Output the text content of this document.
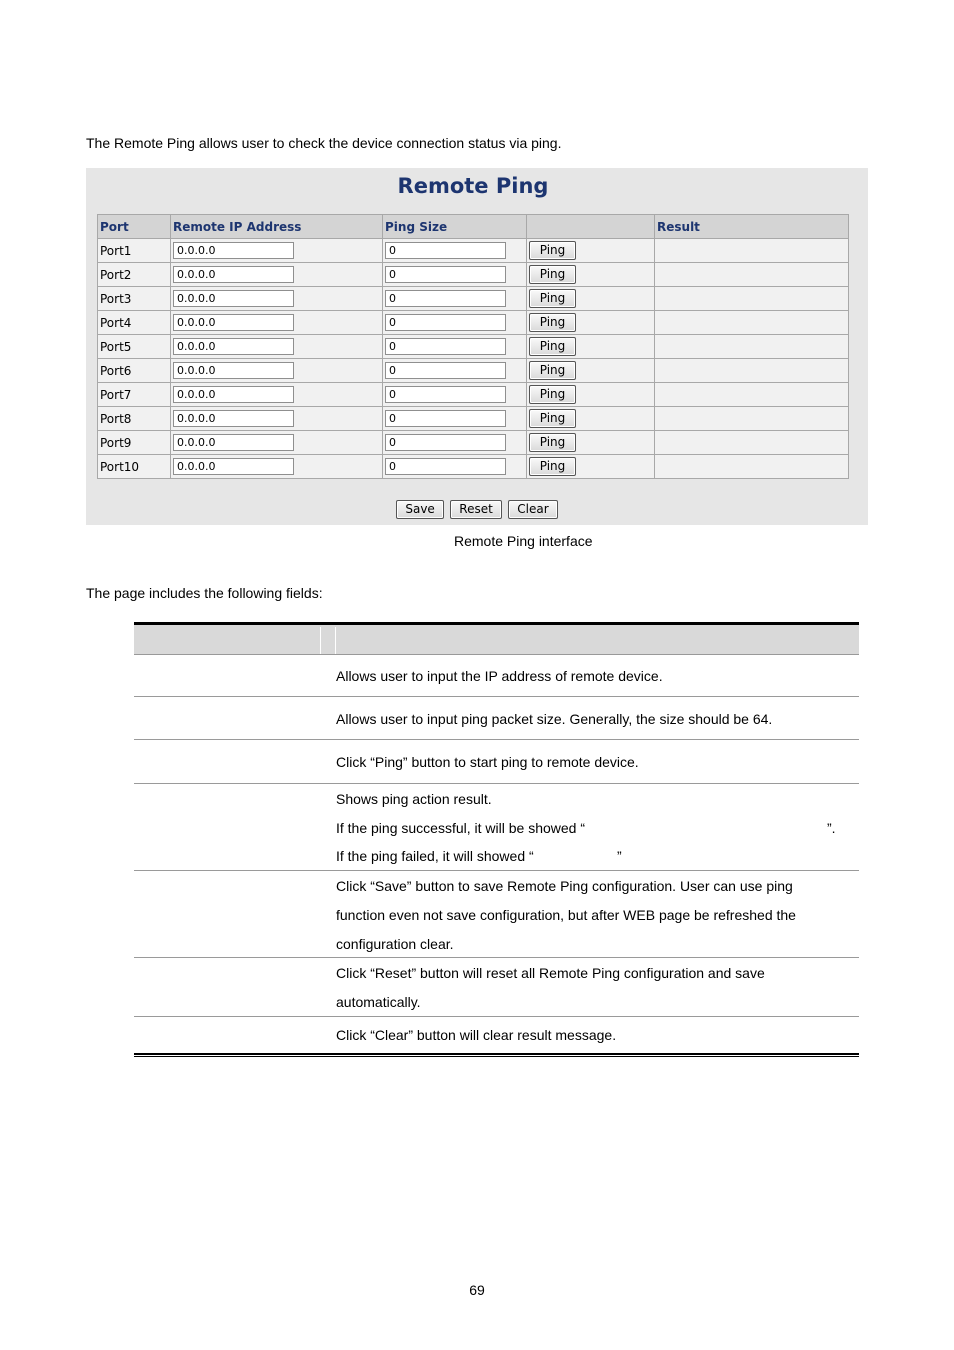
The Remote Ping allows user to check the device connection status via ping.
Remote Ping
Port	Remote IP Address	Ping Size		Result
Port1	0.0.0.0	0	Ping	
Port2	0.0.0.0	0	Ping	
Port3	0.0.0.0	0	Ping	
Port4	0.0.0.0	0	Ping	
Port5	0.0.0.0	0	Ping	
Port6	0.0.0.0	0	Ping	
Port7	0.0.0.0	0	Ping	
Port8	0.0.0.0	0	Ping	
Port9	0.0.0.0	0	Ping	
Port10	0.0.0.0	0	Ping	
Save Reset Clear
Remote Ping interface
The page includes the following fields:
Allows user to input the IP address of remote device.
Allows user to input ping packet size. Generally, the size should be 64.
Click “Ping” button to start ping to remote device.
Shows ping action result.
If the ping successful, it will be showed “	”.
If the ping failed, it will showed “	”
Click “Save” button to save Remote Ping configuration. User can use ping
function even not save configuration, but after WEB page be refreshed the
configuration clear.
Click “Reset” button will reset all Remote Ping configuration and save
automatically.
Click “Clear” button will clear result message.
69
